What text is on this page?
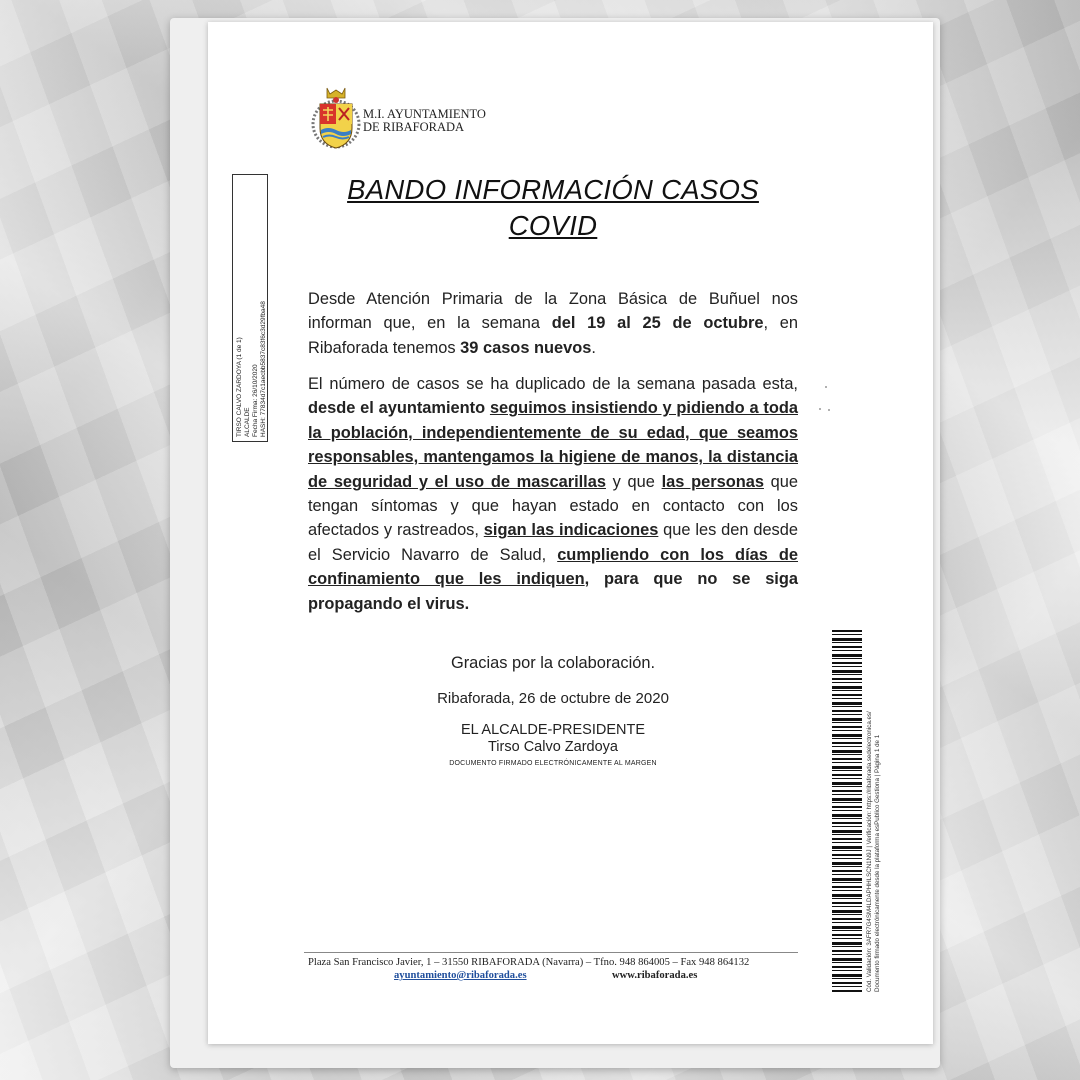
M.I. AYUNTAMIENTO
DE RIBAFORADA
TIRSO CALVO ZARDOYA (1 de 1) ALCALDE Fecha Firma: 26/10/2020 HASH: 77834d7c1aecbb5837c83f6c3d29fba48
BANDO INFORMACIÓN CASOS
COVID
Desde Atención Primaria de la Zona Básica de Buñuel nos informan que, en la semana del 19 al 25 de octubre, en Ribaforada tenemos 39 casos nuevos.
El número de casos se ha duplicado de la semana pasada esta, desde el ayuntamiento seguimos insistiendo y pidiendo a toda la población, independientemente de su edad, que seamos responsables, mantengamos la higiene de manos, la distancia de seguridad y el uso de mascarillas y que las personas que tengan síntomas y que hayan estado en contacto con los afectados y rastreados, sigan las indicaciones que les den desde el Servicio Navarro de Salud, cumpliendo con los días de confinamiento que les indiquen, para que no se siga propagando el virus.
Gracias por la colaboración.
Ribaforada, 26 de octubre de 2020
EL ALCALDE-PRESIDENTE
Tirso Calvo Zardoya
DOCUMENTO FIRMADO ELECTRÓNICAMENTE AL MARGEN
Plaza San Francisco Javier, 1 – 31550 RIBAFORADA (Navarra) – Tfno. 948 864005 – Fax 948 864132
ayuntamiento@ribaforada.es	www.ribaforada.es	Cód. Validación: 3AFR7G4SM4LDAPHHLSCN1N9J | Verificación: https://ribaforada.sedelectronica.es/ Documento firmado electrónicamente desde la plataforma esPublico Gestiona | Página 1 de 1
